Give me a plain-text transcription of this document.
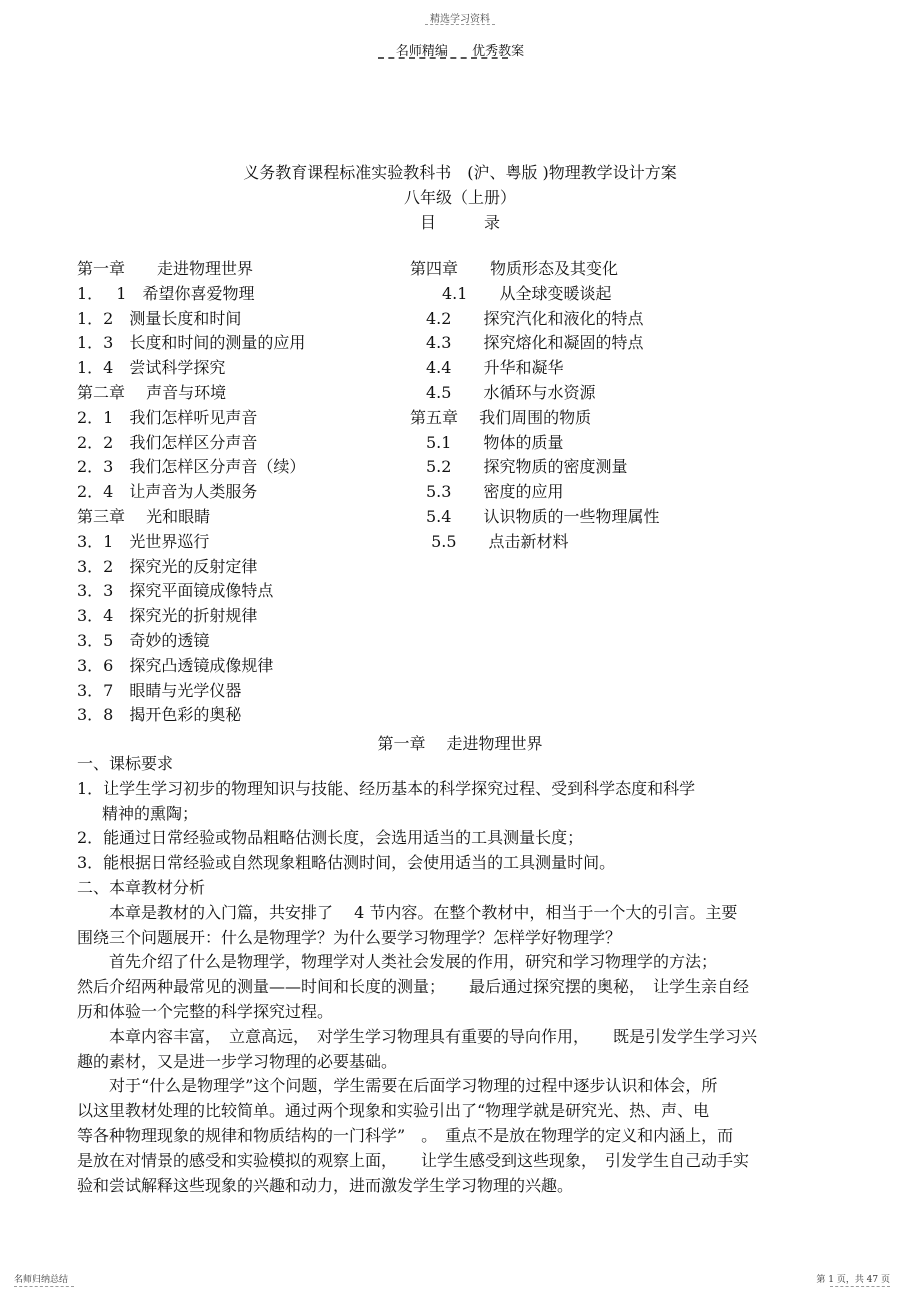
精选学习资料
名师精编 优秀教案
义务教育课程标准实验教科书　(沪、粤版 )物理教学设计方案
八年级（上册）
目　　　录
第一章　　走进物理世界
1．　 1　希望你喜爱物理
1．2　测量长度和时间
1．3　长度和时间的测量的应用
1．4　尝试科学探究
第二章　 声音与环境
2．1　我们怎样听见声音
2．2　我们怎样区分声音
2．3　我们怎样区分声音（续）
2．4　让声音为人类服务
第三章　 光和眼睛
3．1　光世界巡行
3．2　探究光的反射定律
3．3　探究平面镜成像特点
3．4　探究光的折射规律
3．5　奇妙的透镜
3．6　探究凸透镜成像规律
3．7　眼睛与光学仪器
3．8　揭开色彩的奥秘
第四章　　物质形态及其变化
　　4.1　　从全球变暖谈起
　4.2　　探究汽化和液化的特点
　4.3　　探究熔化和凝固的特点
　4.4　　升华和凝华
　4.5　　水循环与水资源
第五章　 我们周围的物质
　5.1　　物体的质量
　5.2　　探究物质的密度测量
　5.3　　密度的应用
　5.4　　认识物质的一些物理属性
　 5.5　　点击新材料
第一章　 走进物理世界

一、课标要求

1．让学生学习初步的物理知识与技能、经历基本的科学探究过程、受到科学态度和科学

精神的熏陶；

2．能通过日常经验或物品粗略估测长度，会选用适当的工具测量长度；

3．能根据日常经验或自然现象粗略估测时间，会使用适当的工具测量时间。

二、本章教材分析

本章是教材的入门篇，共安排了　 4 节内容。在整个教材中，相当于一个大的引言。主要

围绕三个问题展开：什么是物理学？为什么要学习物理学？怎样学好物理学？

首先介绍了什么是物理学，物理学对人类社会发展的作用，研究和学习物理学的方法；

然后介绍两种最常见的测量——时间和长度的测量；　　最后通过探究摆的奥秘，　让学生亲自经

历和体验一个完整的科学探究过程。

本章内容丰富，　立意高远，　对学生学习物理具有重要的导向作用，　　既是引发学生学习兴

趣的素材，又是进一步学习物理的必要基础。

对于“什么是物理学”这个问题，学生需要在后面学习物理的过程中逐步认识和体会，所

以这里教材处理的比较简单。通过两个现象和实验引出了“物理学就是研究光、热、声、电

等各种物理现象的规律和物质结构的一门科学”　。　重点不是放在物理学的定义和内涵上，而

是放在对情景的感受和实验模拟的观察上面，　　让学生感受到这些现象，　引发学生自己动手实

验和尝试解释这些现象的兴趣和动力，进而激发学生学习物理的兴趣。

名师归纳总结	第 1 页，共 47 页
